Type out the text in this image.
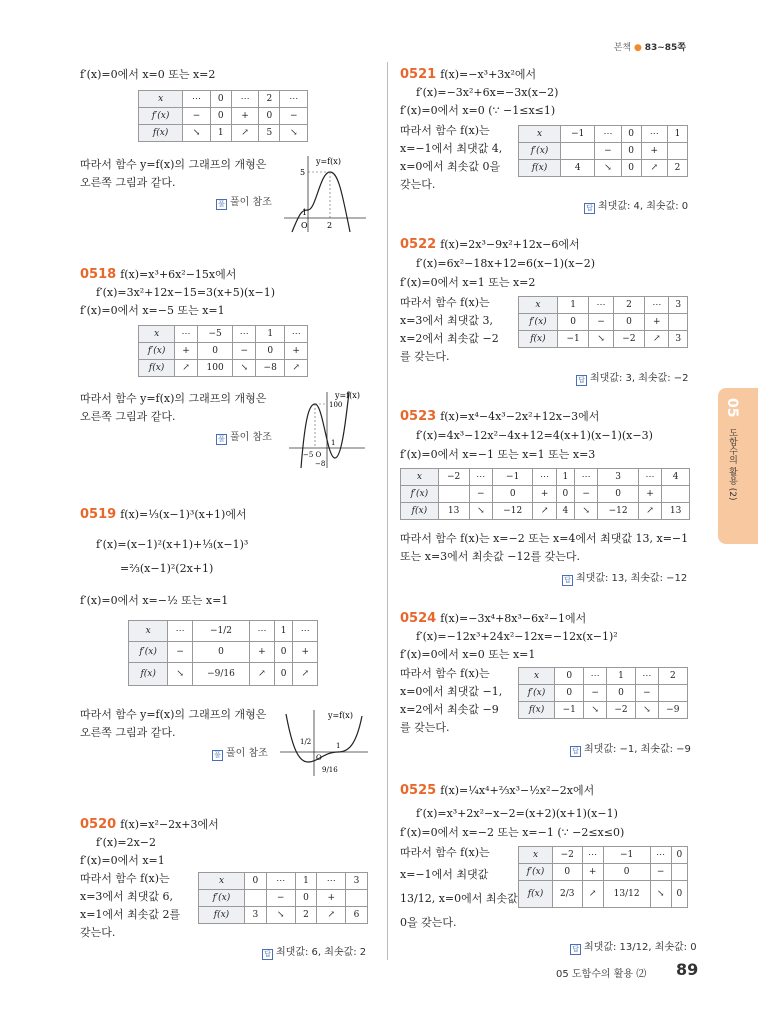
본책 ● 83~85쪽
f′(x)=0에서 x=0 또는 x=2
x	⋯	0	⋯	2	⋯
f′(x)	−	0	+	0	−
f(x)	↘	1	↗	5	↘
따라서 함수 y=f(x)의 그래프의 개형은
오른쪽 그림과 같다.
풀 풀이 참조
y=f(x)
5
1
O 2
0518 f(x)=x³+6x²−15x에서
f′(x)=3x²+12x−15=3(x+5)(x−1)
f′(x)=0에서 x=−5 또는 x=1
x	⋯	−5	⋯	1	⋯
f′(x)	+	0	−	0	+
f(x)	↗	100	↘	−8	↗
따라서 함수 y=f(x)의 그래프의 개형은
오른쪽 그림과 같다.
풀 풀이 참조
y=f(x)
100
−5 O
1
−8
0519 f(x)=⅓(x−1)³(x+1)에서
f′(x)=(x−1)²(x+1)+⅓(x−1)³
=⅔(x−1)²(2x+1)
f′(x)=0에서 x=−½ 또는 x=1
x	⋯	−1/2	⋯	1	⋯
f′(x)	−	0	+	0	+
f(x)	↘	−9/16	↗	0	↗
따라서 함수 y=f(x)의 그래프의 개형은
오른쪽 그림과 같다.
풀 풀이 참조
y=f(x)
1/2
O
1
9/16
0520 f(x)=x²−2x+3에서
f′(x)=2x−2
f′(x)=0에서 x=1
따라서 함수 f(x)는
x=3에서 최댓값 6,
x=1에서 최솟값 2를
갖는다.
x	0	⋯	1	⋯	3
f′(x)		−	0	+	
f(x)	3	↘	2	↗	6
답 최댓값: 6, 최솟값: 2
0521 f(x)=−x³+3x²에서
f′(x)=−3x²+6x=−3x(x−2)
f′(x)=0에서 x=0 (∵ −1≤x≤1)
따라서 함수 f(x)는
x=−1에서 최댓값 4,
x=0에서 최솟값 0을
갖는다.
x	−1	⋯	0	⋯	1
f′(x)		−	0	+	
f(x)	4	↘	0	↗	2
답 최댓값: 4, 최솟값: 0
0522 f(x)=2x³−9x²+12x−6에서
f′(x)=6x²−18x+12=6(x−1)(x−2)
f′(x)=0에서 x=1 또는 x=2
따라서 함수 f(x)는
x=3에서 최댓값 3,
x=2에서 최솟값 −2
를 갖는다.
x	1	⋯	2	⋯	3
f′(x)	0	−	0	+	
f(x)	−1	↘	−2	↗	3
답 최댓값: 3, 최솟값: −2
0523 f(x)=x⁴−4x³−2x²+12x−3에서
f′(x)=4x³−12x²−4x+12=4(x+1)(x−1)(x−3)
f′(x)=0에서 x=−1 또는 x=1 또는 x=3
x	−2	⋯	−1	⋯	1	⋯	3	⋯	4
f′(x)		−	0	+	0	−	0	+	
f(x)	13	↘	−12	↗	4	↘	−12	↗	13
따라서 함수 f(x)는 x=−2 또는 x=4에서 최댓값 13, x=−1
또는 x=3에서 최솟값 −12를 갖는다.
답 최댓값: 13, 최솟값: −12
0524 f(x)=−3x⁴+8x³−6x²−1에서
f′(x)=−12x³+24x²−12x=−12x(x−1)²
f′(x)=0에서 x=0 또는 x=1
따라서 함수 f(x)는
x=0에서 최댓값 −1,
x=2에서 최솟값 −9
를 갖는다.
x	0	⋯	1	⋯	2
f′(x)	0	−	0	−	
f(x)	−1	↘	−2	↘	−9
답 최댓값: −1, 최솟값: −9
0525 f(x)=¼x⁴+⅔x³−½x²−2x에서
f′(x)=x³+2x²−x−2=(x+2)(x+1)(x−1)
f′(x)=0에서 x=−2 또는 x=−1 (∵ −2≤x≤0)
따라서 함수 f(x)는
x=−1에서 최댓값
13/12, x=0에서 최솟값
0을 갖는다.
x	−2	⋯	−1	⋯	0
f′(x)	0	+	0	−	
f(x)	2/3	↗	13/12	↘	0
답 최댓값: 13/12, 최솟값: 0
05
도함수의 활용 (2)
05 도함수의 활용 ⑵ 89
